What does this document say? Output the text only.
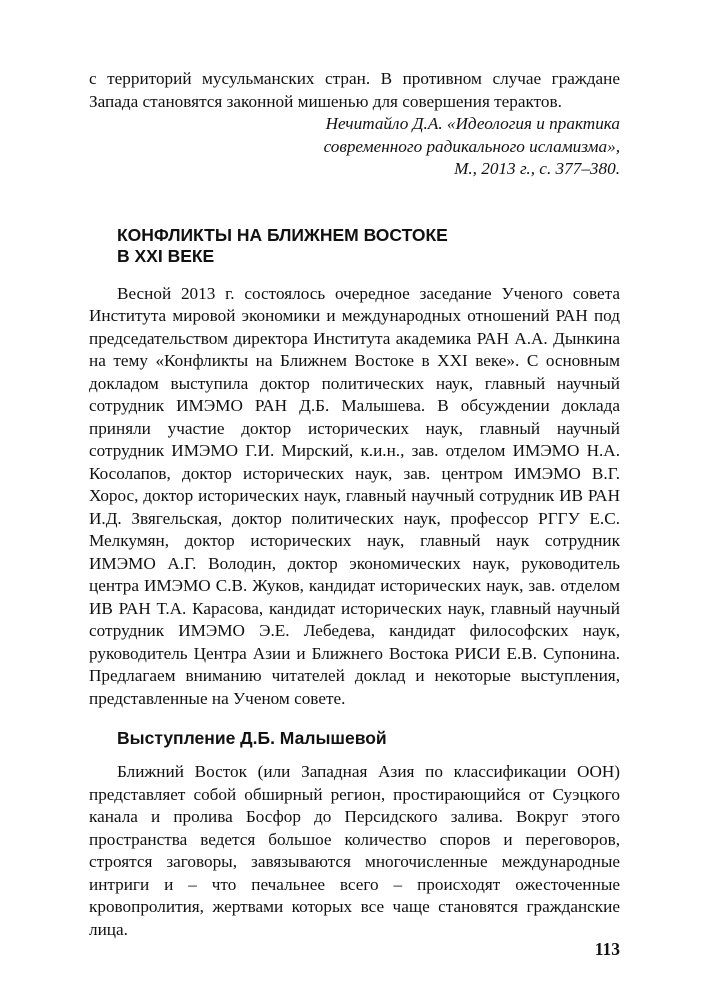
с территорий мусульманских стран. В противном случае граждане Запада становятся законной мишенью для совершения терактов.

Нечитайло Д.А. «Идеология и практика
современного радикального исламизма»,
М., 2013 г., с. 377–380.
КОНФЛИКТЫ НА БЛИЖНЕМ ВОСТОКЕ
В XXI ВЕКЕ

Весной 2013 г. состоялось очередное заседание Ученого совета Института мировой экономики и международных отношений РАН под председательством директора Института академика РАН А.А. Дынкина на тему «Конфликты на Ближнем Востоке в XXI веке». С основным докладом выступила доктор политических наук, главный научный сотрудник ИМЭМО РАН Д.Б. Малышева. В обсуждении доклада приняли участие доктор исторических наук, главный научный сотрудник ИМЭМО Г.И. Мирский, к.и.н., зав. отделом ИМЭМО Н.А. Косолапов, доктор исторических наук, зав. центром ИМЭМО В.Г. Хорос, доктор исторических наук, главный научный сотрудник ИВ РАН И.Д. Звягельская, доктор политических наук, профессор РГГУ Е.С. Мелкумян, доктор исторических наук, главный наук сотрудник ИМЭМО А.Г. Володин, доктор экономических наук, руководитель центра ИМЭМО С.В. Жуков, кандидат исторических наук, зав. отделом ИВ РАН Т.А. Карасова, кандидат исторических наук, главный научный сотрудник ИМЭМО Э.Е. Лебедева, кандидат философских наук, руководитель Центра Азии и Ближнего Востока РИСИ Е.В. Супонина. Предлагаем вниманию читателей доклад и некоторые выступления, представленные на Ученом совете.

Выступление Д.Б. Малышевой

Ближний Восток (или Западная Азия по классификации ООН) представляет собой обширный регион, простирающийся от Суэцкого канала и пролива Босфор до Персидского залива. Вокруг этого пространства ведется большое количество споров и переговоров, строятся заговоры, завязываются многочисленные международные интриги и – что печальнее всего – происходят ожесточенные кровопролития, жертвами которых все чаще становятся гражданские лица.

113
